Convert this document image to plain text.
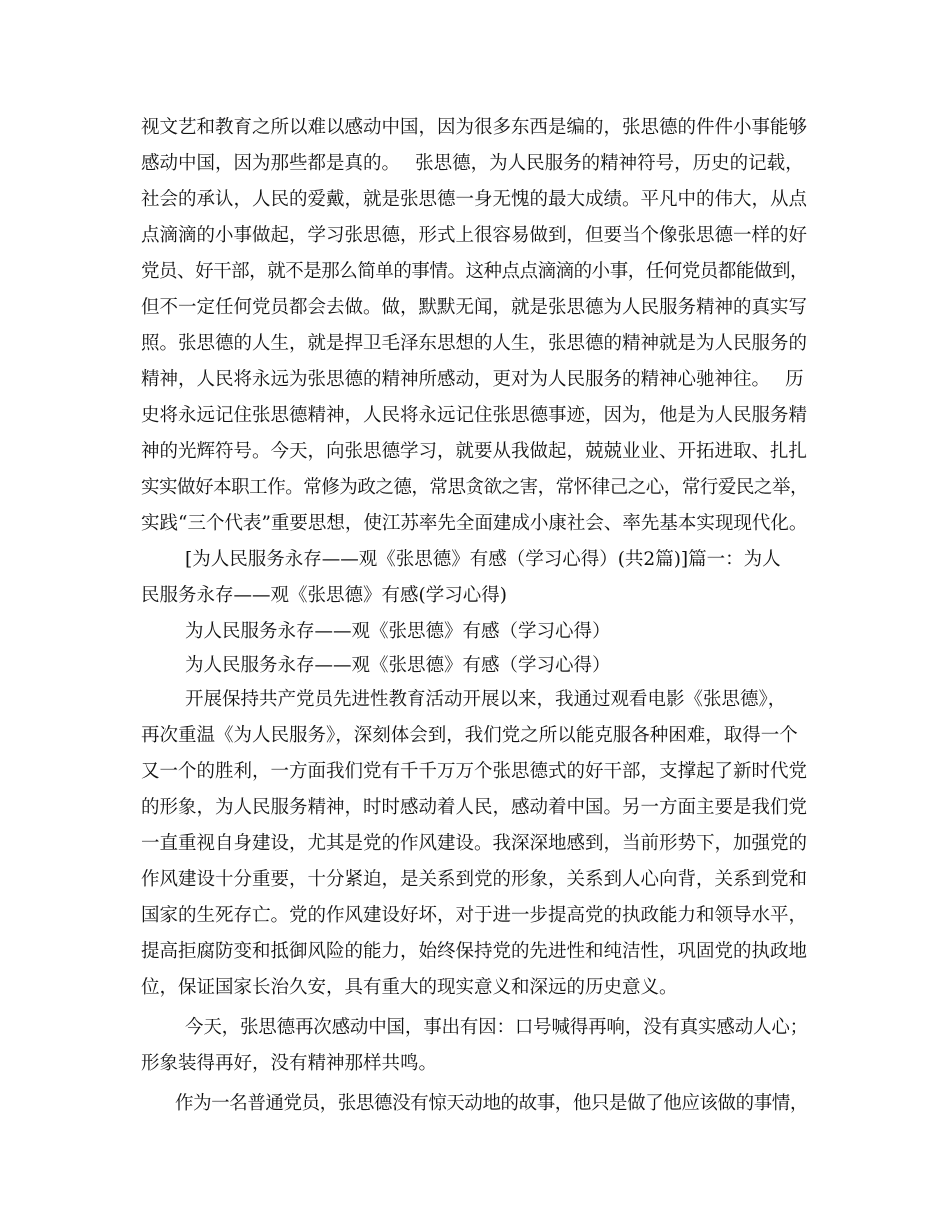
视文艺和教育之所以难以感动中国，因为很多东西是编的，张思德的件件小事能够
感动中国，因为那些都是真的。　 张思德，为人民服务的精神符号，历史的记载，
社会的承认，人民的爱戴，就是张思德一身无愧的最大成绩。平凡中的伟大，从点
点滴滴的小事做起，学习张思德，形式上很容易做到，但要当个像张思德一样的好
党员、好干部，就不是那么简单的事情。这种点点滴滴的小事，任何党员都能做到，
但不一定任何党员都会去做。做，默默无闻，就是张思德为人民服务精神的真实写
照。张思德的人生，就是捍卫毛泽东思想的人生，张思德的精神就是为人民服务的
精神，人民将永远为张思德的精神所感动，更对为人民服务的精神心驰神往。　 历
史将永远记住张思德精神，人民将永远记住张思德事迹，因为，他是为人民服务精
神的光辉符号。今天，向张思德学习，就要从我做起，兢兢业业、开拓进取、扎扎
实实做好本职工作。常修为政之德，常思贪欲之害，常怀律己之心，常行爱民之举，
实践“三个代表”重要思想，使江苏率先全面建成小康社会、率先基本实现现代化。
[为人民服务永存——观《张思德》有感（学习心得）(共2篇)]篇一：为人
民服务永存——观《张思德》有感(学习心得)
为人民服务永存——观《张思德》有感（学习心得）
为人民服务永存——观《张思德》有感（学习心得）
开展保持共产党员先进性教育活动开展以来，我通过观看电影《张思德》，
再次重温《为人民服务》，深刻体会到，我们党之所以能克服各种困难，取得一个
又一个的胜利，一方面我们党有千千万万个张思德式的好干部，支撑起了新时代党
的形象，为人民服务精神，时时感动着人民，感动着中国。另一方面主要是我们党
一直重视自身建设，尤其是党的作风建设。我深深地感到，当前形势下，加强党的
作风建设十分重要，十分紧迫，是关系到党的形象，关系到人心向背，关系到党和
国家的生死存亡。党的作风建设好坏，对于进一步提高党的执政能力和领导水平，
提高拒腐防变和抵御风险的能力，始终保持党的先进性和纯洁性，巩固党的执政地
位，保证国家长治久安，具有重大的现实意义和深远的历史意义。
今天，张思德再次感动中国，事出有因：口号喊得再响，没有真实感动人心；
形象装得再好，没有精神那样共鸣。
作为一名普通党员，张思德没有惊天动地的故事，他只是做了他应该做的事情，
